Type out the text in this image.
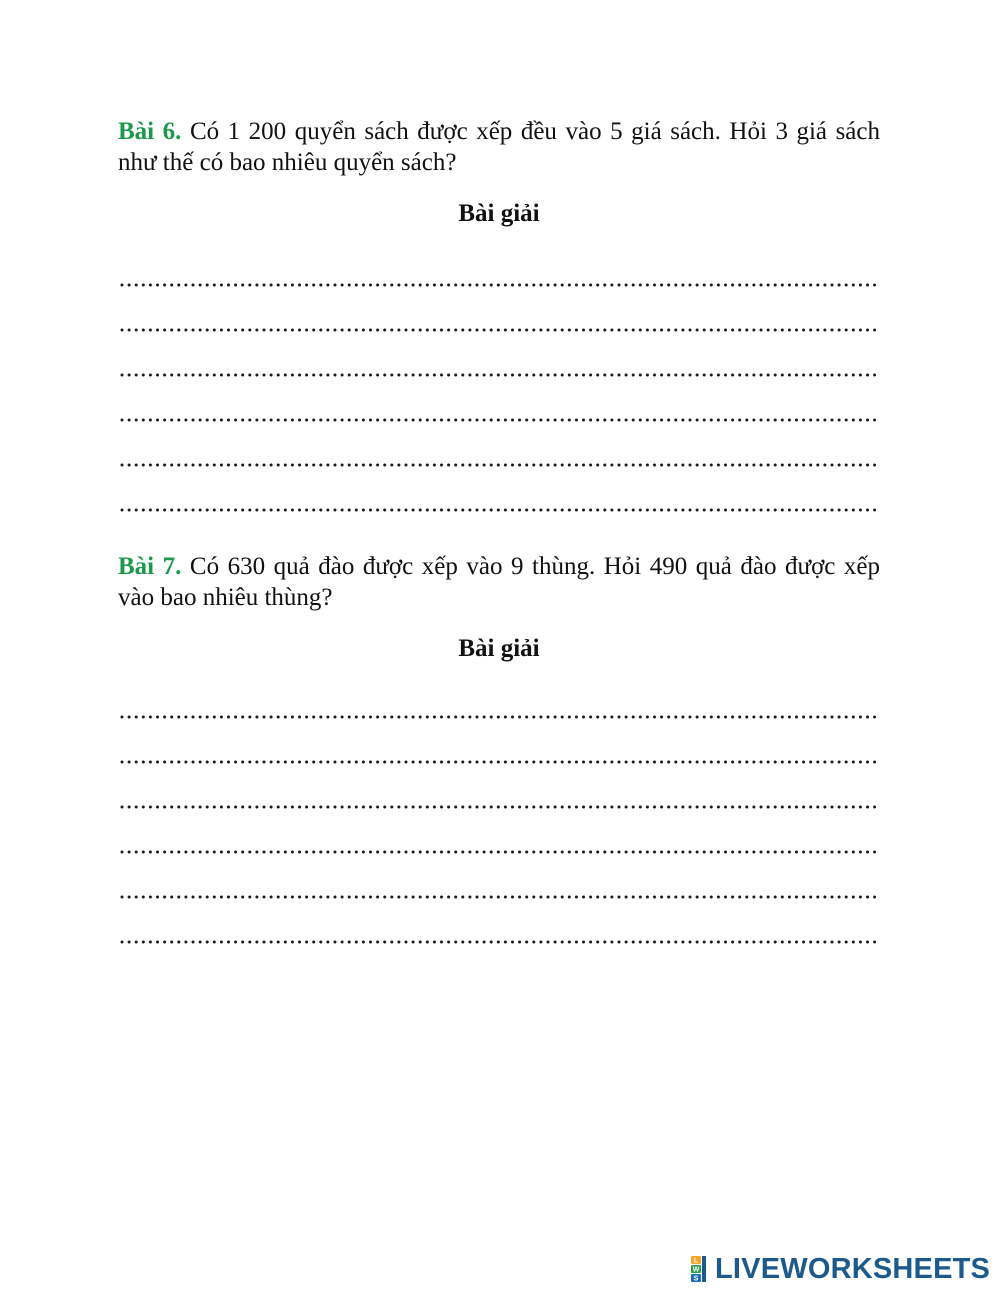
Bài 6. Có 1 200 quyển sách được xếp đều vào 5 giá sách. Hỏi 3 giá sách như thế có bao nhiêu quyển sách?

Bài giải

Bài 7. Có 630 quả đào được xếp vào 9 thùng. Hỏi 490 quả đào được xếp vào bao nhiêu thùng?

Bài giải

L
W
S LIVEWORKSHEETS
